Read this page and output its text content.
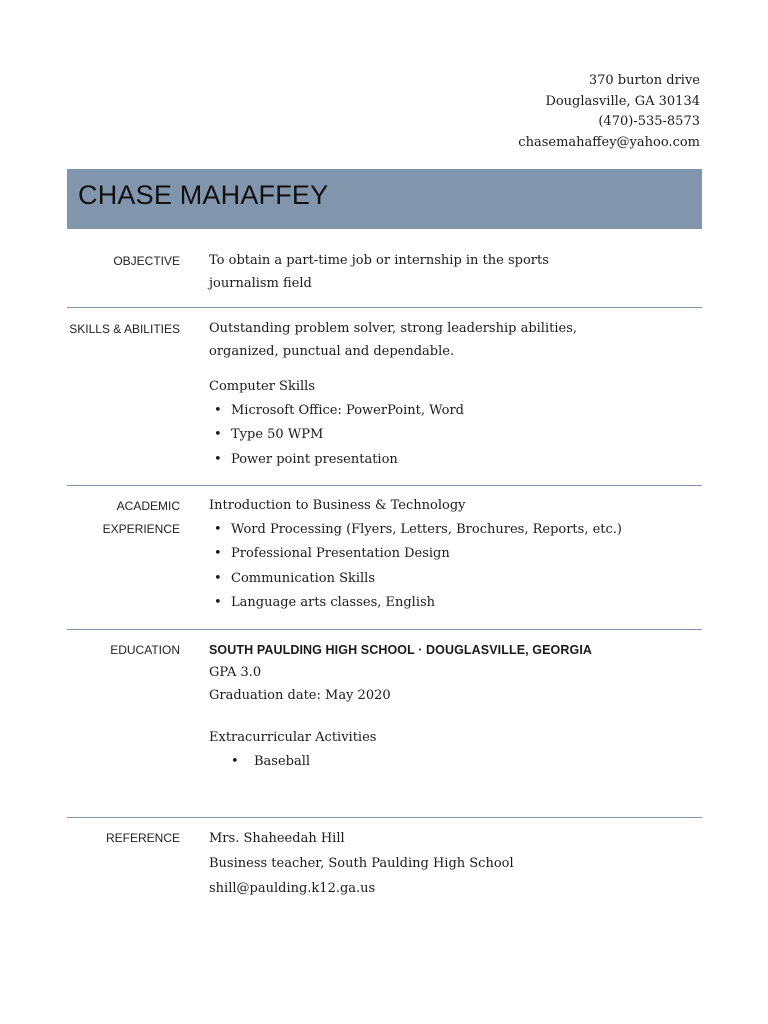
370 burton drive
Douglasville, GA 30134
(470)-535-8573
chasemahaffey@yahoo.com
CHASE MAHAFFEY
OBJECTIVE To obtain a part-time job or internship in the sports

journalism field

SKILLS & ABILITIES Outstanding problem solver, strong leadership abilities,

organized, punctual and dependable.

Computer Skills

• Microsoft Office: PowerPoint, Word
• Type 50 WPM
• Power point presentation
ACADEMIC
EXPERIENCE

Introduction to Business & Technology

• Word Processing (Flyers, Letters, Brochures, Reports, etc.)
• Professional Presentation Design
• Communication Skills
• Language arts classes, English
EDUCATION SOUTH PAULDING HIGH SCHOOL · DOUGLASVILLE, GEORGIA

GPA 3.0

Graduation date: May 2020

Extracurricular Activities

• Baseball
REFERENCE Mrs. Shaheedah Hill

Business teacher, South Paulding High School

shill@paulding.k12.ga.us
